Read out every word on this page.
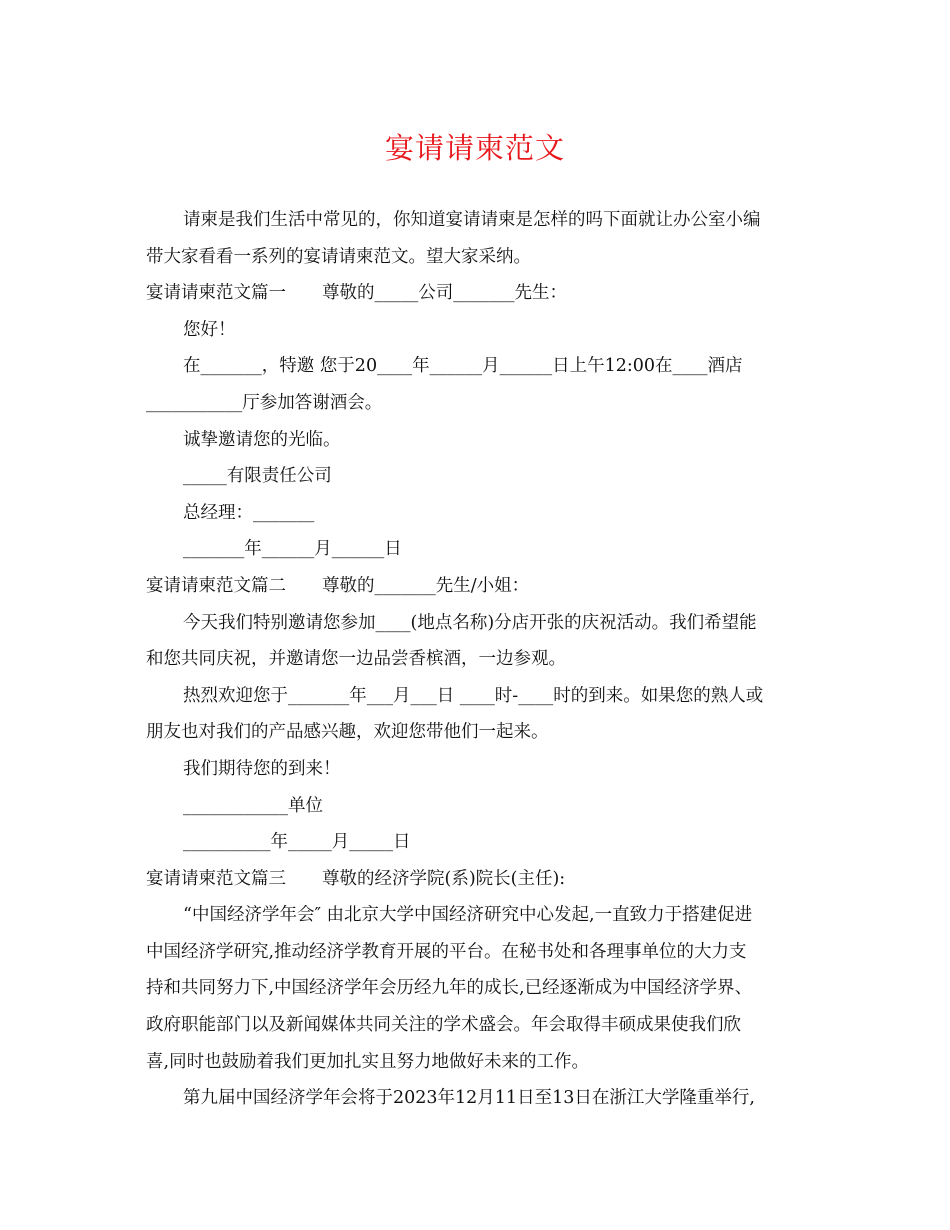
宴请请柬范文
请柬是我们生活中常见的，你知道宴请请柬是怎样的吗下面就让办公室小编
带大家看看一系列的宴请请柬范文。望大家采纳。
宴请请柬范文篇一 尊敬的_____公司_______先生：
您好！
在_______，特邀 您于20____年______月______日上午12:00在____酒店
___________厅参加答谢酒会。
诚挚邀请您的光临。
_____有限责任公司
总经理：_______
_______年______月______日
宴请请柬范文篇二 尊敬的_______先生/小姐：
今天我们特别邀请您参加____(地点名称)分店开张的庆祝活动。我们希望能
和您共同庆祝，并邀请您一边品尝香槟酒，一边参观。
热烈欢迎您于_______年___月___日 ____时-____时的到来。如果您的熟人或
朋友也对我们的产品感兴趣，欢迎您带他们一起来。
我们期待您的到来！
____________单位
__________年_____月_____日
宴请请柬范文篇三 尊敬的经济学院(系)院长(主任):
“中国经济学年会″ 由北京大学中国经济研究中心发起,一直致力于搭建促进
中国经济学研究,推动经济学教育开展的平台。在秘书处和各理事单位的大力支
持和共同努力下,中国经济学年会历经九年的成长,已经逐渐成为中国经济学界、
政府职能部门以及新闻媒体共同关注的学术盛会。年会取得丰硕成果使我们欣
喜,同时也鼓励着我们更加扎实且努力地做好未来的工作。
第九届中国经济学年会将于2023年12月11日至13日在浙江大学隆重举行,
